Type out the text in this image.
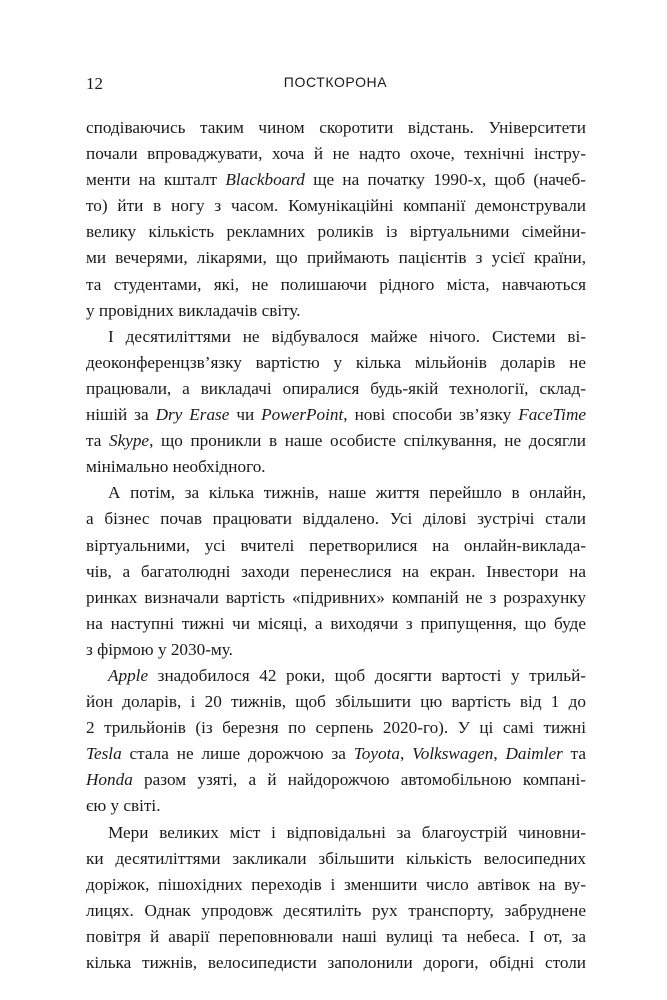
12	ПОСТКОРОНА
сподіваючись таким чином скоротити відстань. Університети
почали впроваджувати, хоча й не надто охоче, технічні інстру-
менти на кшталт Blackboard ще на початку 1990-х, щоб (начеб-
то) йти в ногу з часом. Комунікаційні компанії демонстрували
велику кількість рекламних роликів із віртуальними сімейни-
ми вечерями, лікарями, що приймають пацієнтів з усієї країни,
та студентами, які, не полишаючи рідного міста, навчаються
у провідних викладачів світу.
І десятиліттями не відбувалося майже нічого. Системи ві-
деоконференцзв’язку вартістю у кілька мільйонів доларів не
працювали, а викладачі опиралися будь-якій технології, склад-
нішій за Dry Erase чи PowerPoint, нові способи зв’язку FaceTime
та Skype, що проникли в наше особисте спілкування, не досягли
мінімально необхідного.
А потім, за кілька тижнів, наше життя перейшло в онлайн,
а бізнес почав працювати віддалено. Усі ділові зустрічі стали
віртуальними, усі вчителі перетворилися на онлайн-виклада-
чів, а багатолюдні заходи перенеслися на екран. Інвестори на
ринках визначали вартість «підривних» компаній не з розрахунку
на наступні тижні чи місяці, а виходячи з припущення, що буде
з фірмою у 2030-му.
Apple знадобилося 42 роки, щоб досягти вартості у трильй-
йон доларів, і 20 тижнів, щоб збільшити цю вартість від 1 до
2 трильйонів (із березня по серпень 2020-го). У ці самі тижні
Tesla стала не лише дорожчою за Toyota, Volkswagen, Daimler та
Honda разом узяті, а й найдорожчою автомобільною компані-
єю у світі.
Мери великих міст і відповідальні за благоустрій чиновни-
ки десятиліттями закликали збільшити кількість велосипедних
доріжок, пішохідних переходів і зменшити число автівок на ву-
лицях. Однак упродовж десятиліть рух транспорту, забруднене
повітря й аварії переповнювали наші вулиці та небеса. І от, за
кілька тижнів, велосипедисти заполонили дороги, обідні столи
